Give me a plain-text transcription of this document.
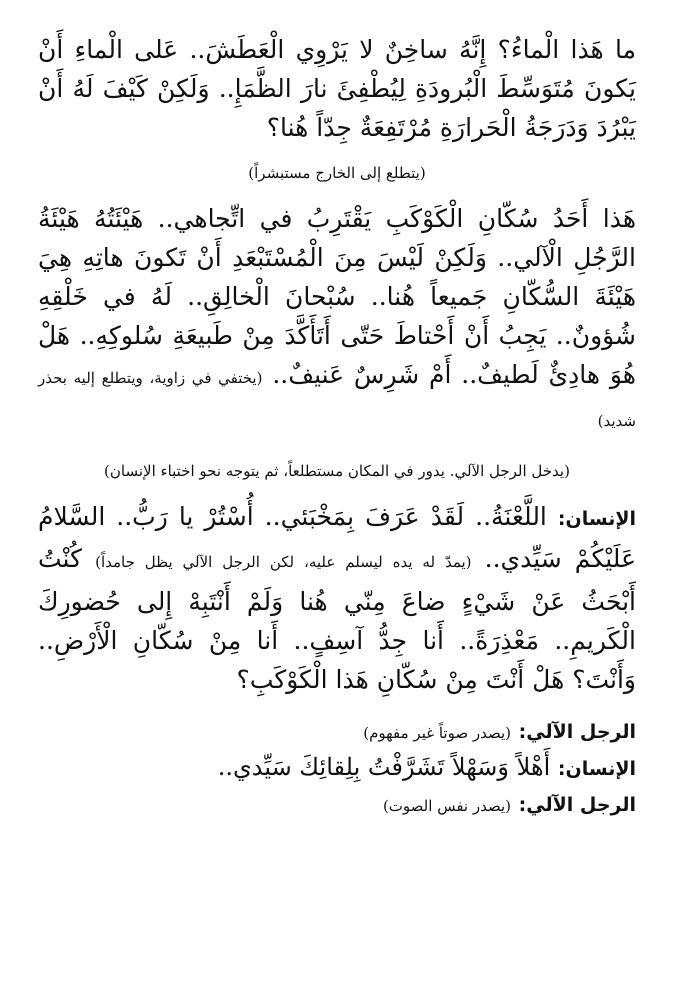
ما هَذا الْماءُ؟ إِنَّهُ ساخِنٌ لا يَرْوِي الْعَطَشَ.. عَلى الْماءِ أَنْ يَكونَ مُتَوَسِّطَ الْبُرودَةِ لِيُطْفِئَ نارَ الظَّمَإِ.. وَلَكِنْ كَيْفَ لَهُ أَنْ يَبْرُدَ وَدَرَجَةُ الْحَرارَةِ مُرْتَفِعَةٌ جِدّاً هُنا؟

(يتطلع إلى الخارج مستبشراً)

هَذا أَحَدُ سُكّانِ الْكَوْكَبِ يَقْتَرِبُ في اتِّجاهي.. هَيْئَتُهُ هَيْئَةُ الرَّجُلِ الْآلي.. وَلَكِنْ لَيْسَ مِنَ الْمُسْتَبْعَدِ أَنْ تَكونَ هاتِهِ هِيَ هَيْئَةَ السُّكّانِ جَميعاً هُنا.. سُبْحانَ الْخالِقِ.. لَهُ في خَلْقِهِ شُؤونٌ.. يَجِبُ أَنْ أَحْتاطَ حَتّى أَتَأَكَّدَ مِنْ طَبيعَةِ سُلوكِهِ.. هَلْ هُوَ هادِئٌ لَطيفٌ.. أَمْ شَرِسٌ عَنيفٌ.. (يختفي في زاوية، ويتطلع إليه بحذر شديد)

(يدخل الرجل الآلي. يدور في المكان مستطلعاً، ثم يتوجه نحو اختباء الإنسان)

الإنسان: اللَّعْنَةُ.. لَقَدْ عَرَفَ بِمَخْبَئي.. أُسْتُرْ يا رَبُّ.. السَّلامُ عَلَيْكُمْ سَيِّدي.. (يمدّ له يده ليسلم عليه، لكن الرجل الآلي يظل جامداً) كُنْتُ أَبْحَثُ عَنْ شَيْءٍ ضاعَ مِنّي هُنا وَلَمْ أَنْتَبِهْ إِلى حُضورِكَ الْكَريمِ.. مَعْذِرَةً.. أَنا جِدُّ آسِفٍ.. أَنا مِنْ سُكّانِ الْأَرْضِ.. وَأَنْتَ؟ هَلْ أَنْتَ مِنْ سُكّانِ هَذا الْكَوْكَبِ؟

الرجل الآلي: (يصدر صوتاً غير مفهوم)

الإنسان: أَهْلاً وَسَهْلاً تَشَرَّفْتُ بِلِقائِكَ سَيِّدي..

الرجل الآلي: (يصدر نفس الصوت)
